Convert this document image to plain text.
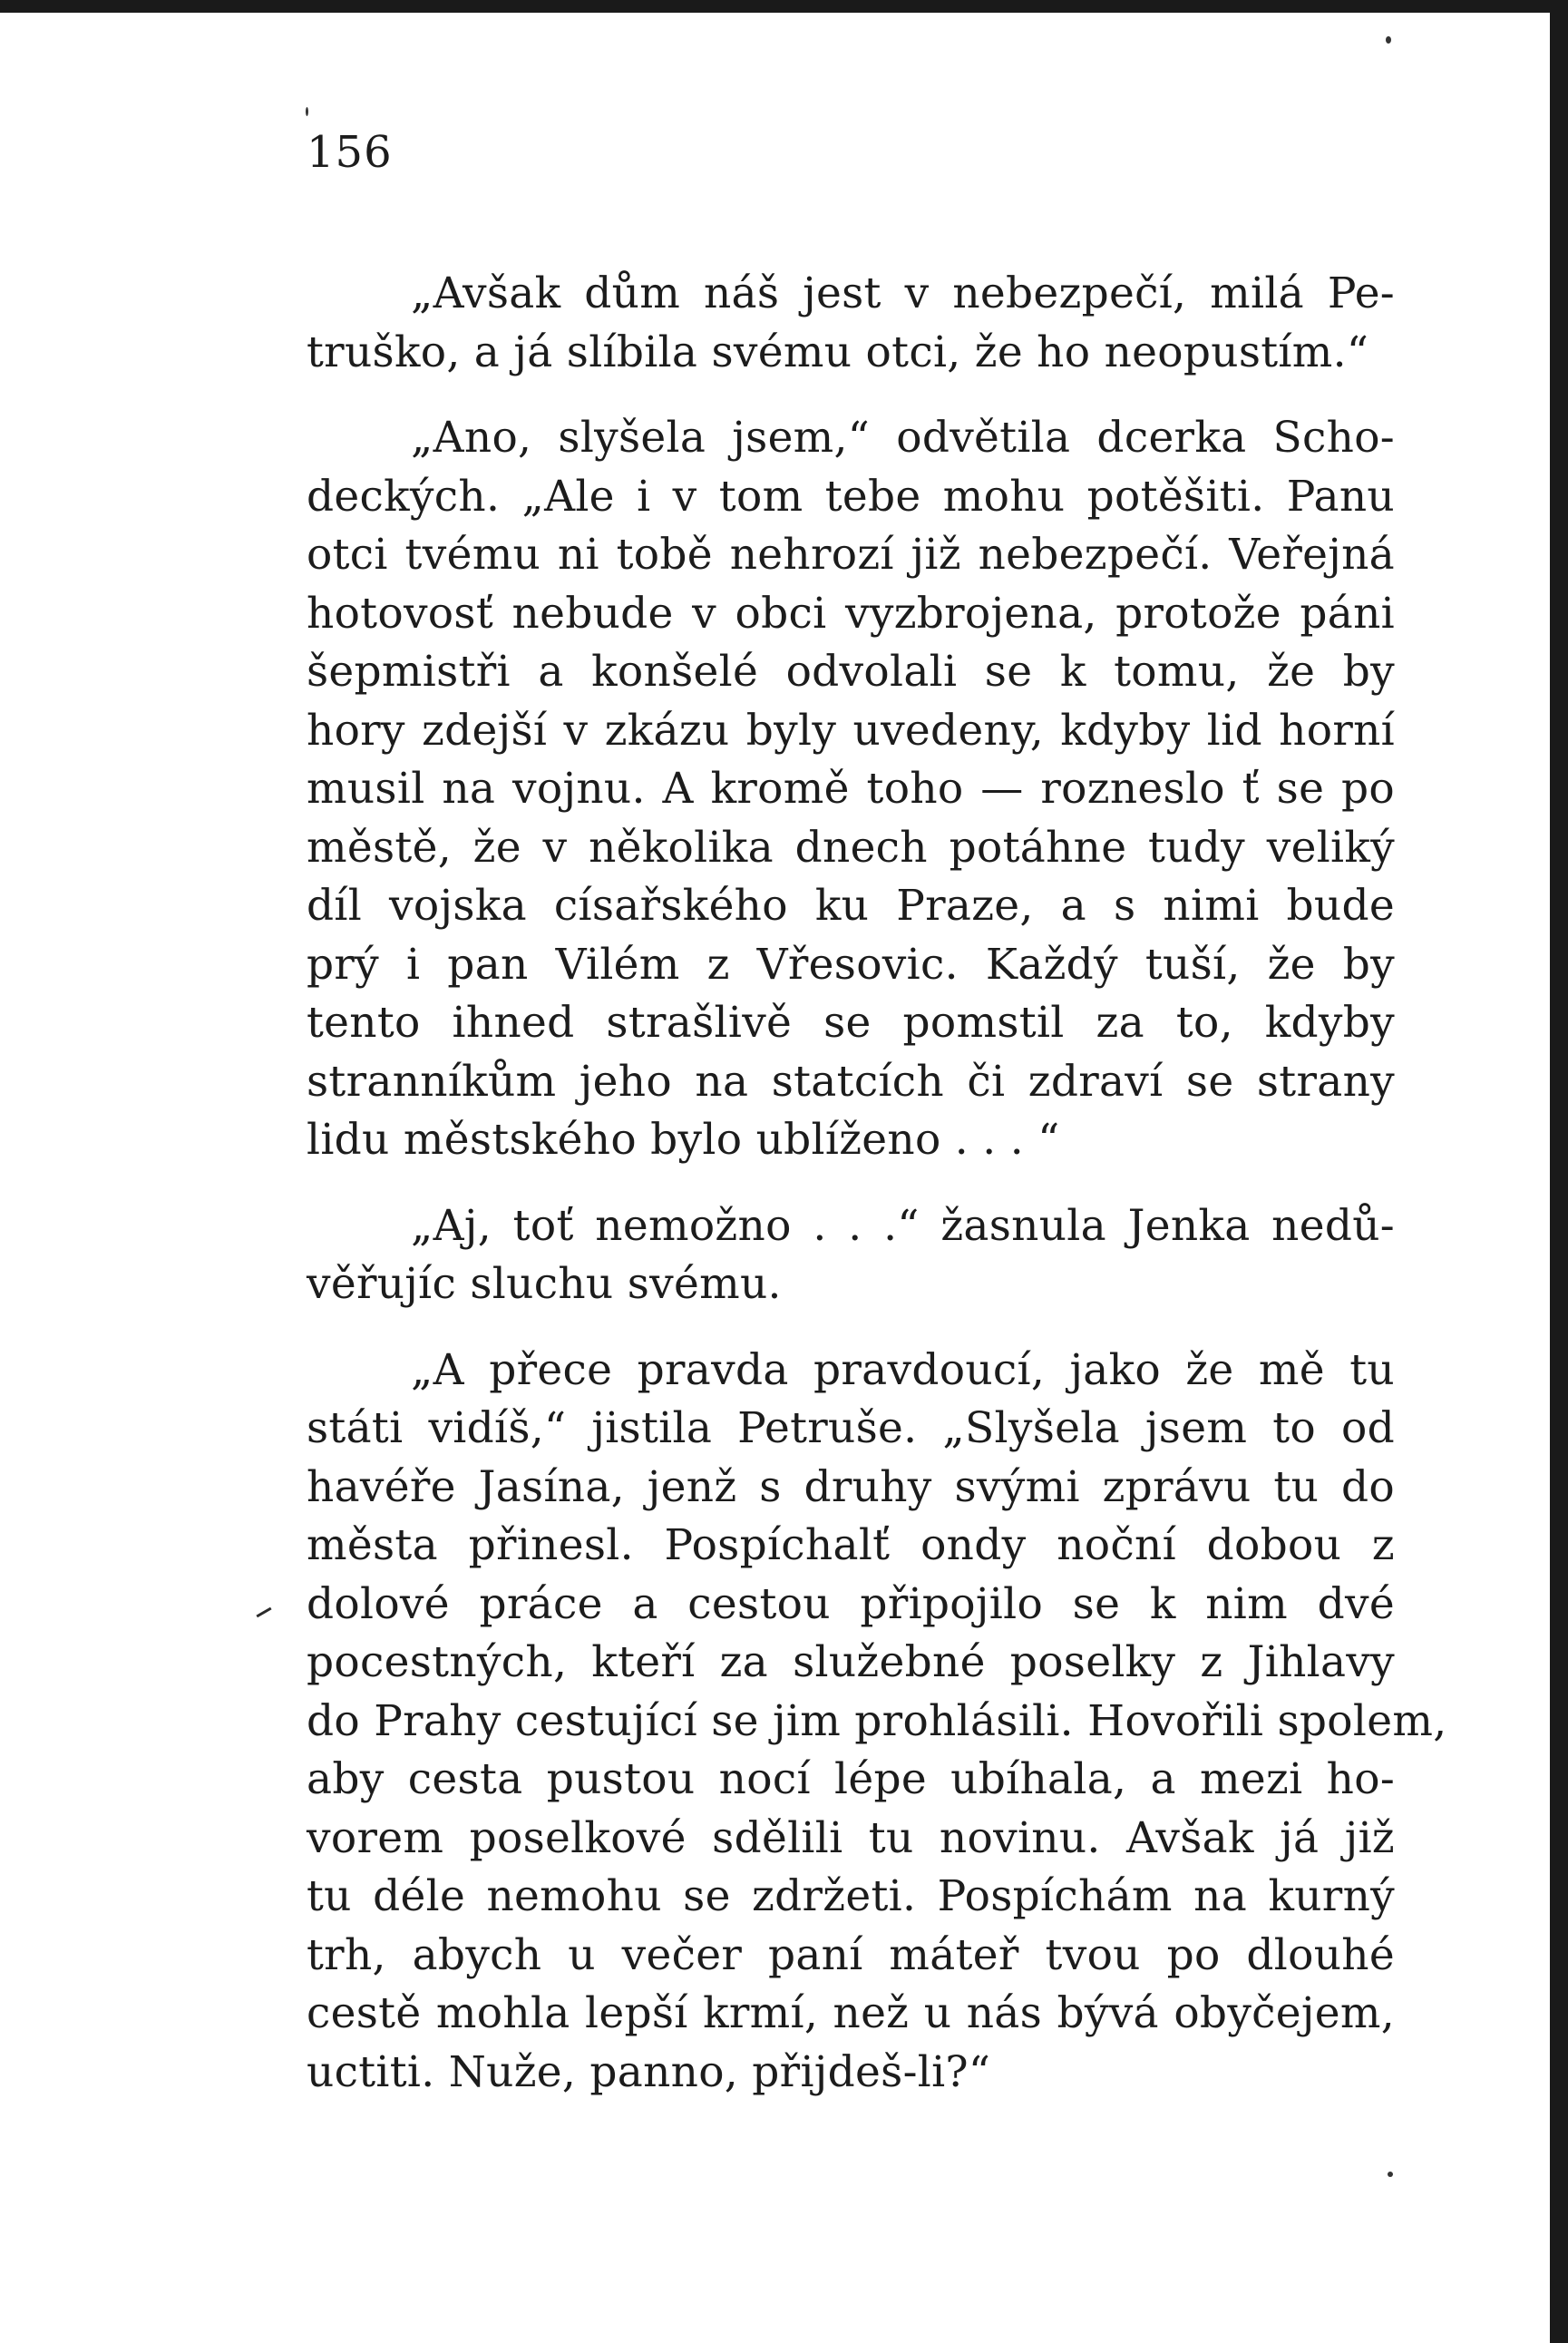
156
„Avšak dům náš jest v nebezpečí, milá Pe-
truško, a já slíbila svému otci, že ho neopustím.“
„Ano, slyšela jsem,“ odvětila dcerka Scho-
deckých. „Ale i v tom tebe mohu potěšiti. Panu
otci tvému ni tobě nehrozí již nebezpečí. Veřejná
hotovosť nebude v obci vyzbrojena, protože páni
šepmistři a konšelé odvolali se k tomu, že by
hory zdejší v zkázu byly uvedeny, kdyby lid horní
musil na vojnu. A kromě toho — rozneslo ť se po
městě, že v několika dnech potáhne tudy veliký
díl vojska císařského ku Praze, a s nimi bude
prý i pan Vilém z Vřesovic. Každý tuší, že by
tento ihned strašlivě se pomstil za to, kdyby
stranníkům jeho na statcích či zdraví se strany
lidu městského bylo ublíženo . . . “
„Aj, toť nemožno . . .“ žasnula Jenka nedů-
věřujíc sluchu svému.
„A přece pravda pravdoucí, jako že mě tu
státi vidíš,“ jistila Petruše. „Slyšela jsem to od
havéře Jasína, jenž s druhy svými zprávu tu do
města přinesl. Pospíchalť ondy noční dobou z
dolové práce a cestou připojilo se k nim dvé
pocestných, kteří za služebné poselky z Jihlavy
do Prahy cestující se jim prohlásili. Hovořili spolem,
aby cesta pustou nocí lépe ubíhala, a mezi ho-
vorem poselkové sdělili tu novinu. Avšak já již
tu déle nemohu se zdržeti. Pospíchám na kurný
trh, abych u večer paní máteř tvou po dlouhé
cestě mohla lepší krmí, než u nás bývá obyčejem,
uctiti. Nuže, panno, přijdeš-li?“
